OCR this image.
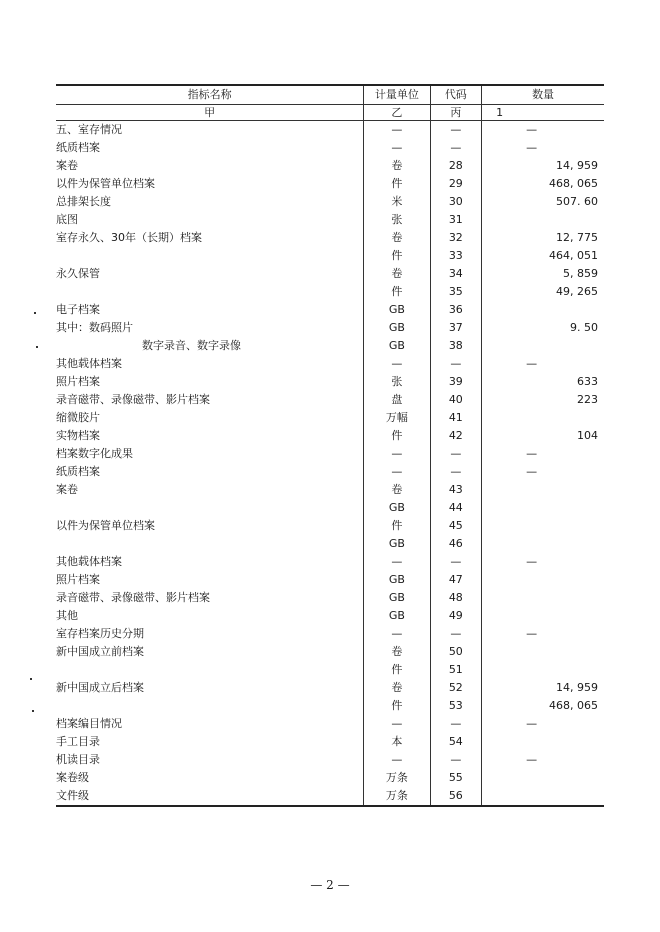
指标名称	计量单位	代码	数量
甲	乙	丙	1
五、室存情况	—	—	—
纸质档案	—	—	—
案卷	卷	28	14, 959
以件为保管单位档案	件	29	468, 065
总排架长度	米	30	507. 60
底图	张	31	
室存永久、30年（长期）档案	卷	32	12, 775
	件	33	464, 051
永久保管	卷	34	5, 859
	件	35	49, 265
电子档案	GB	36	
其中：数码照片	GB	37	9. 50
数字录音、数字录像	GB	38	
其他载体档案	—	—	—
照片档案	张	39	633
录音磁带、录像磁带、影片档案	盘	40	223
缩微胶片	万幅	41	
实物档案	件	42	104
档案数字化成果	—	—	—
纸质档案	—	—	—
案卷	卷	43	
	GB	44	
以件为保管单位档案	件	45	
	GB	46	
其他载体档案	—	—	—
照片档案	GB	47	
录音磁带、录像磁带、影片档案	GB	48	
其他	GB	49	
室存档案历史分期	—	—	—
新中国成立前档案	卷	50	
	件	51	
新中国成立后档案	卷	52	14, 959
	件	53	468, 065
档案编目情况	—	—	—
手工目录	本	54	
机读目录	—	—	—
案卷级	万条	55	
文件级	万条	56	
— 2 —
